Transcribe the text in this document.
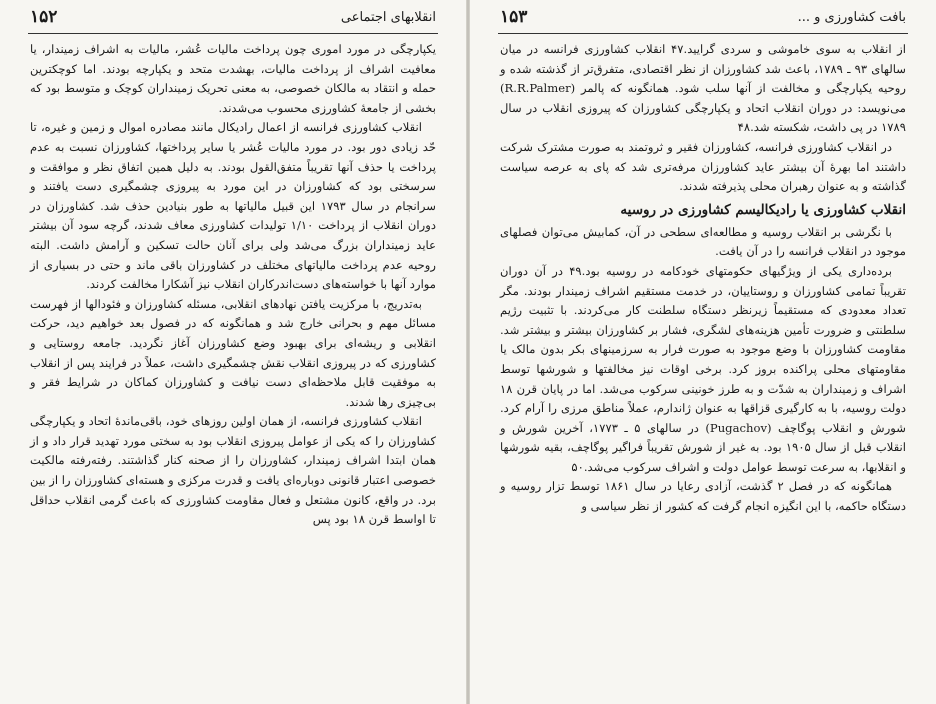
انقلابهای اجتماعی
۱۵۲

یکپارچگی در مورد اموری چون پرداخت مالیات عُشر، مالیات به اشراف زمیندار، یا معافیت اشراف از پرداخت مالیات، بهشدت متحد و یکپارچه بودند. اما کوچکترین حمله و انتقاد به مالکان خصوصی، به معنی تحریک زمینداران کوچک و متوسط بود که بخشی از جامعهٔ کشاورزی محسوب می‌شدند.

انقلاب کشاورزی فرانسه از اعمال رادیکال مانند مصادره اموال و زمین و غیره، تا حّد زیادی دور بود. در مورد مالیات عُشر یا سایر پرداختها، کشاورزان نسبت به عدم پرداخت یا حذف آنها تقریباً متفق‌القول بودند. به دلیل همین اتفاق نظر و موافقت و سرسختی بود که کشاورزان در این مورد به پیروزی چشمگیری دست یافتند و سرانجام در سال ۱۷۹۳ این قبیل مالیاتها به طور بنیادین حذف شد. کشاورزان در دوران انقلاب از پرداخت ۱/۱۰ تولیدات کشاورزی معاف شدند، گرچه سود آن بیشتر عاید زمینداران بزرگ می‌شد ولی برای آنان حالت تسکین و آرامش داشت. البته روحیه عدم پرداخت مالیاتهای مختلف در کشاورزان باقی ماند و حتی در بسیاری از موارد آنها با خواسته‌های دست‌اندرکاران انقلاب نیز آشکارا مخالفت کردند.

به‌تدریج، با مرکزیت یافتن نهادهای انقلابی، مسئله کشاورزان و فئودالها از فهرست مسائل مهم و بحرانی خارج شد و همانگونه که در فصول بعد خواهیم دید، حرکت انقلابی و ریشه‌ای برای بهبود وضع کشاورزان آغاز نگردید. جامعه روستایی و کشاورزی که در پیروزی انقلاب نقش چشمگیری داشت، عملاً در فرایند پس از انقلاب به موفقیت قابل ملاحظه‌ای دست نیافت و کشاورزان کماکان در شرایط فقر و بی‌چیزی رها شدند.

انقلاب کشاورزی فرانسه، از همان اولین روزهای خود، باقی‌ماندهٔ اتحاد و یکپارچگی کشاورزان را که یکی از عوامل پیروزی انقلاب بود به سختی مورد تهدید قرار داد و از همان ابتدا اشراف زمیندار، کشاورزان را از صحنه کنار گذاشتند. رفته‌رفته مالکیت خصوصی اعتبار قانونی دوباره‌ای یافت و قدرت مرکزی و هسته‌ای کشاورزان را از بین برد. در واقع، کانون مشتعل و فعال مقاومت کشاورزی که باعث گرمی انقلاب حداقل تا اواسط قرن ۱۸ بود پس

بافت کشاورزی و ...
۱۵۳

از انقلاب به سوی خاموشی و سردی گرایید.۴۷ انقلاب کشاورزی فرانسه در میان سالهای ۹۳ ـ ۱۷۸۹، باعث شد کشاورزان از نظر اقتصادی، متفرق‌تر از گذشته شده و روحیه یکپارچگی و مخالفت از آنها سلب شود. همانگونه که پالمر (R.R.Palmer) می‌نویسد: در دوران انقلاب اتحاد و یکپارچگی کشاورزان که پیروزی انقلاب در سال ۱۷۸۹ در پی داشت، شکسته شد.۴۸

در انقلاب کشاورزی فرانسه، کشاورزان فقیر و ثروتمند به صورت مشترک شرکت داشتند اما بهرهٔ آن بیشتر عاید کشاورزان مرفه‌تری شد که پای به عرصه سیاست گذاشته و به عنوان رهبران محلی پذیرفته شدند.

انقلاب کشاورزی یا رادیکالیسم کشاورزی در روسیه

با نگرشی بر انقلاب روسیه و مطالعه‌ای سطحی در آن، کمابیش می‌توان فصلهای موجود در انقلاب فرانسه را در آن یافت.

برده‌داری یکی از ویژگیهای حکومتهای خودکامه در روسیه بود.۴۹ در آن دوران تقریباً تمامی کشاورزان و روستاییان، در خدمت مستقیم اشراف زمیندار بودند. مگر تعداد معدودی که مستقیماً زیرنظر دستگاه سلطنت کار می‌کردند. با تثبیت رژیم سلطنتی و ضرورت تأمین هزینه‌های لشگری، فشار بر کشاورزان بیشتر و بیشتر شد. مقاومت کشاورزان با وضع موجود به صورت فرار به سرزمینهای بکر بدون مالک یا مقاومتهای محلی پراکنده بروز کرد. برخی اوقات نیز مخالفتها و شورشها توسط اشراف و زمینداران به شدّت و به طرز خونینی سرکوب می‌شد. اما در پایان قرن ۱۸ دولت روسیه، با به کارگیری قزاقها به عنوان ژاندارم، عملاً مناطق مرزی را آرام کرد. شورش و انقلاب پوگاچف (Pugachov) در سالهای ۵ ـ ۱۷۷۳، آخرین شورش و انقلاب قبل از سال ۱۹۰۵ بود. به غیر از شورش تقریباً فراگیر پوگاچف، بقیه شورشها و انقلابها، به سرعت توسط عوامل دولت و اشراف سرکوب می‌شد.۵۰

همانگونه که در فصل ۲ گذشت، آزادی رعایا در سال ۱۸۶۱ توسط تزار روسیه و دستگاه حاکمه، با این انگیزه انجام گرفت که کشور از نظر سیاسی و
